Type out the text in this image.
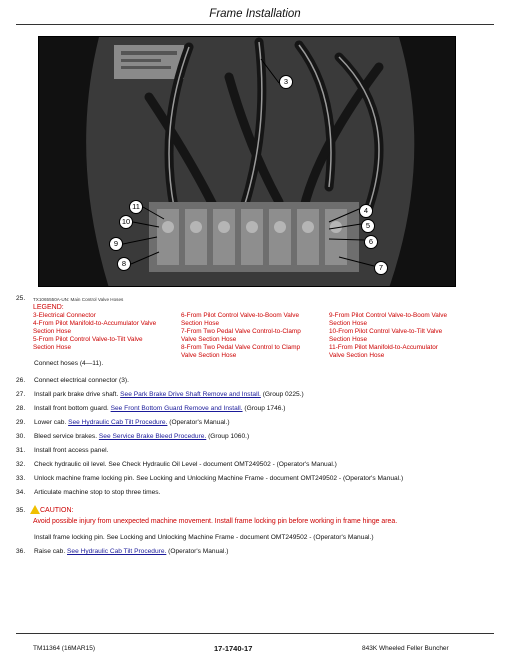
Frame Installation
3
4
5
6
7
8
9
10
11
25.	TX1065550A-UN: Main Control Valve Hoses
LEGEND:
3-Electrical Connector
4-From Pilot Manifold-to-Accumulator Valve
Section Hose
5-From Pilot Control Valve-to-Tilt Valve
Section Hose
6-From Pilot Control Valve-to-Boom Valve
Section Hose
7-From Two Pedal Valve Control-to-Clamp
Valve Section Hose
8-From Two Pedal Valve Control to Clamp
Valve Section Hose
9-From Pilot Control Valve-to-Boom Valve
Section Hose
10-From Pilot Control Valve-to-Tilt Valve
Section Hose
11-From Pilot Manifold-to-Accumulator
Valve Section Hose
Connect hoses (4—11).
26.	Connect electrical connector (3).
27.	Install park brake drive shaft. See Park Brake Drive Shaft Remove and Install. (Group 0225.)
28.	Install front bottom guard. See Front Bottom Guard Remove and Install. (Group 1746.)
29.	Lower cab. See Hydraulic Cab Tilt Procedure. (Operator's Manual.)
30.	Bleed service brakes. See Service Brake Bleed Procedure. (Group 1060.)
31.	Install front access panel.
32.	Check hydraulic oil level. See Check Hydraulic Oil Level - document OMT249502 - (Operator's Manual.)
33.	Unlock machine frame locking pin. See Locking and Unlocking Machine Frame - document OMT249502 - (Operator's Manual.)
34.	Articulate machine stop to stop three times.
35.	CAUTION:
Avoid possible injury from unexpected machine movement. Install frame locking pin before working in frame hinge area.
Install frame locking pin. See Locking and Unlocking Machine Frame - document OMT249502 - (Operator's Manual.)
36.	Raise cab. See Hydraulic Cab Tilt Procedure. (Operator's Manual.)
TM11364 (16MAR15)	17-1740-17	843K Wheeled Feller Buncher
